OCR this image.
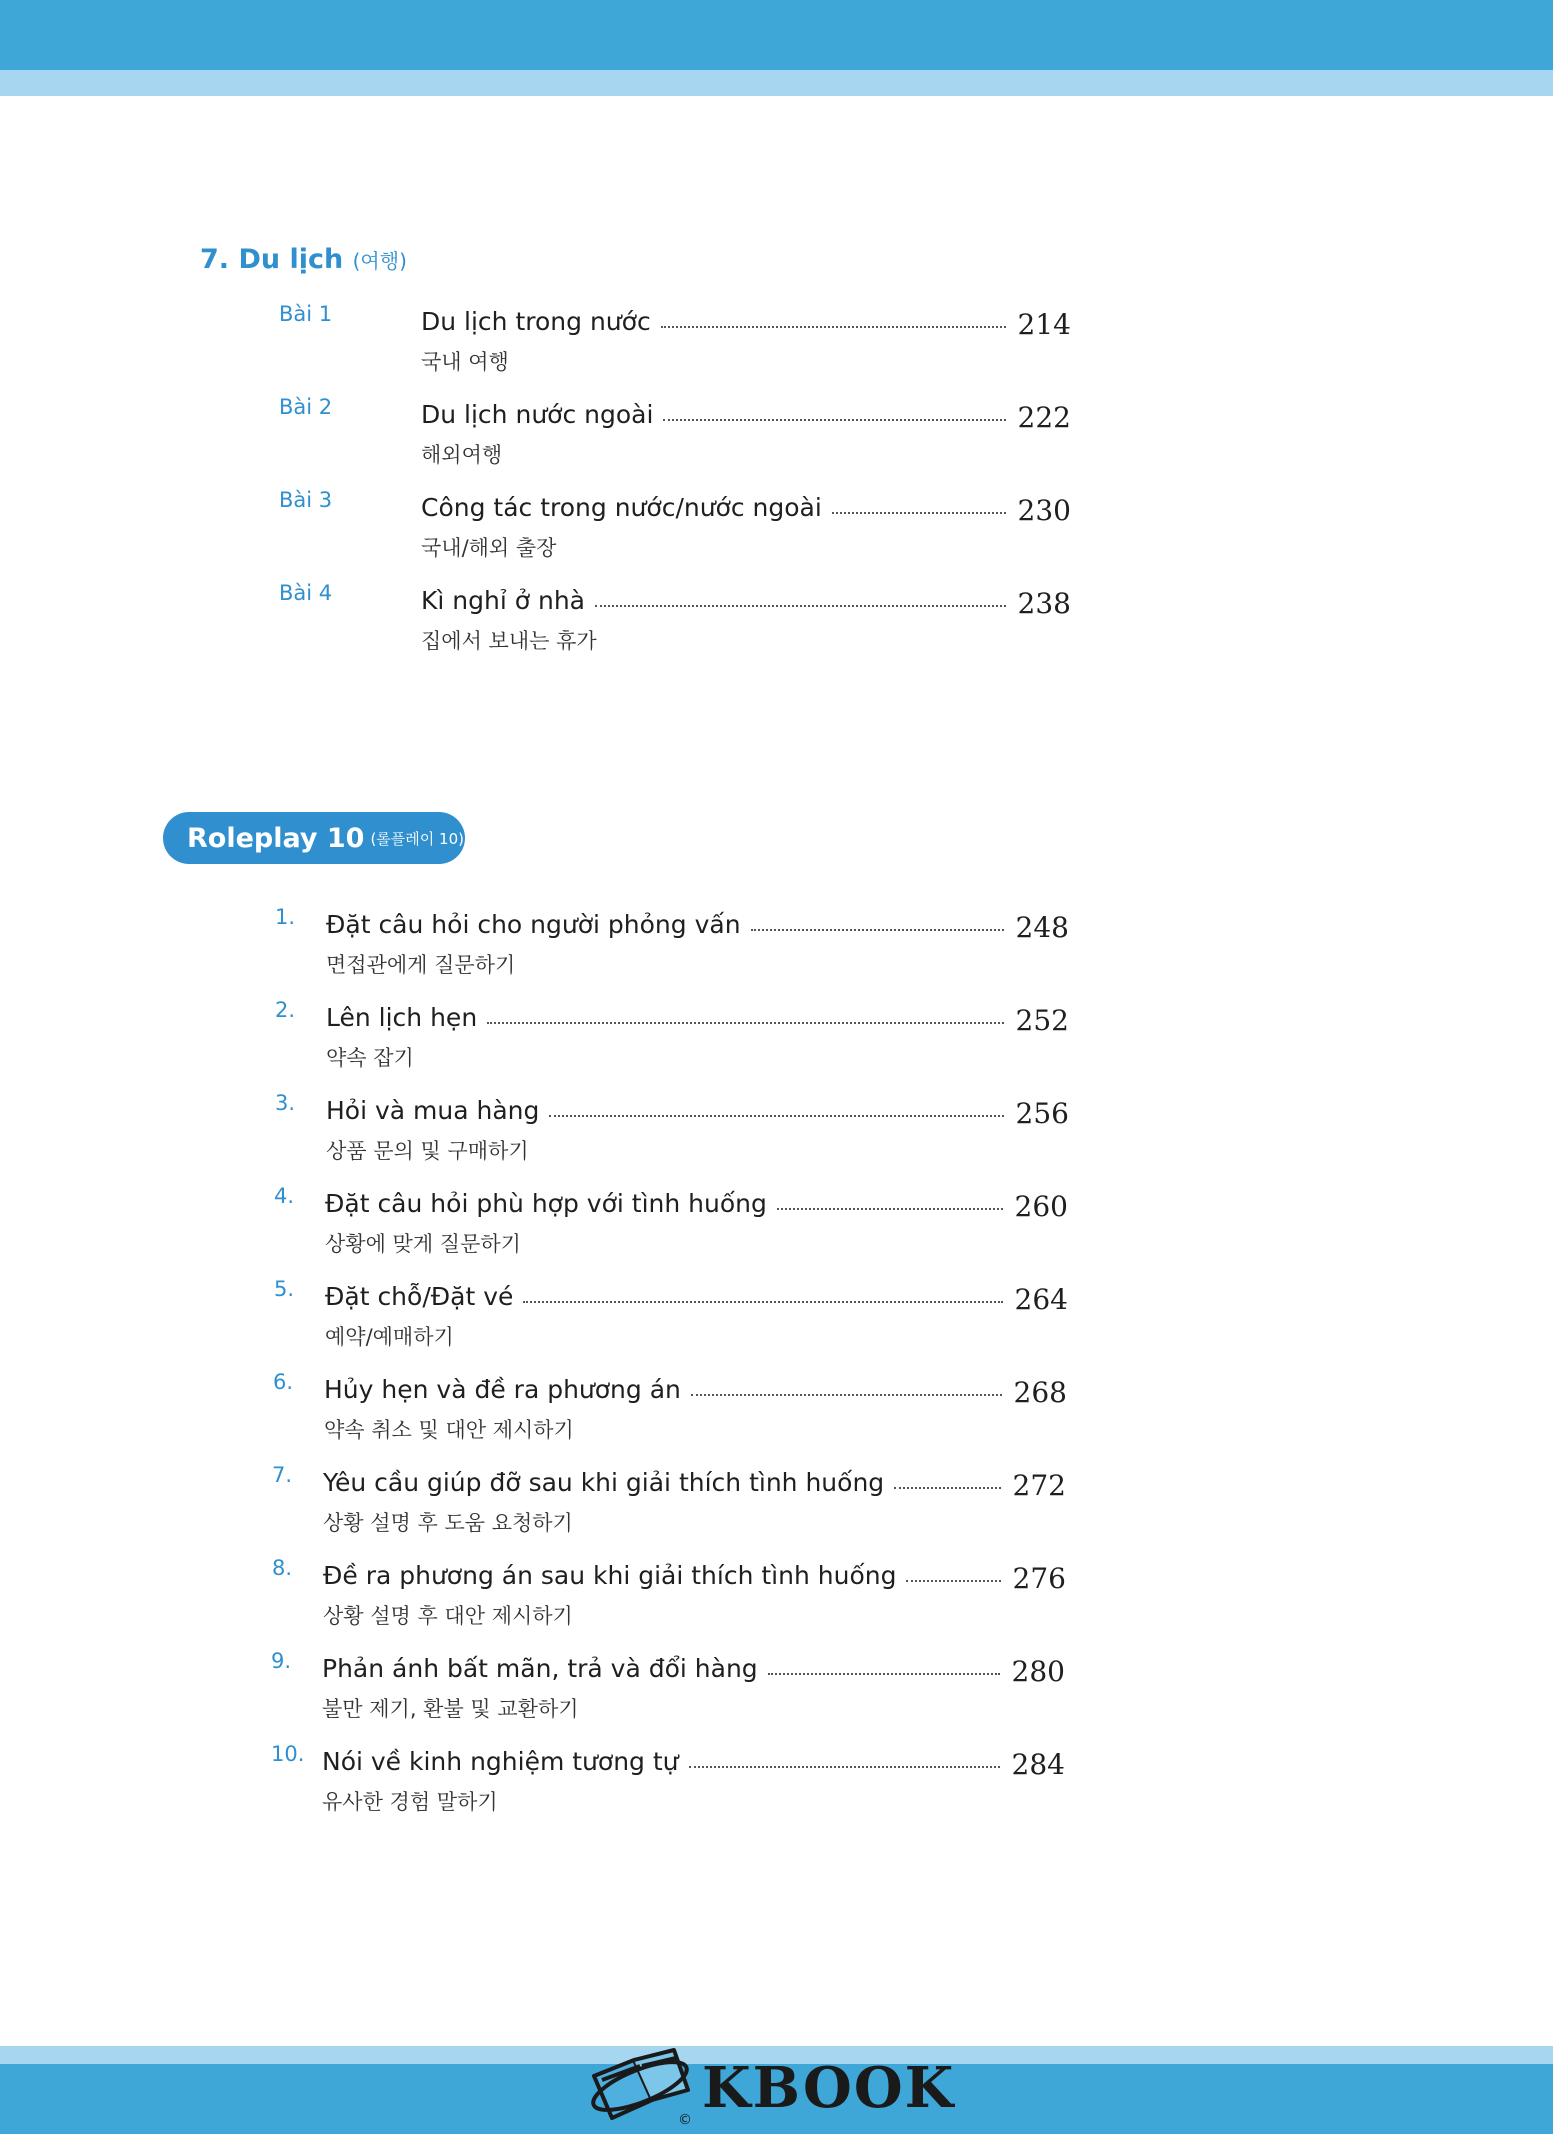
7. Du lịch (여행)
Bài 1	Du lịch trong nước	214
국내 여행
Bài 2	Du lịch nước ngoài	222
해외여행
Bài 3	Công tác trong nước/nước ngoài	230
국내/해외 출장
Bài 4	Kì nghỉ ở nhà	238
집에서 보내는 휴가
Roleplay 10 (롤플레이 10)
1. Đặt câu hỏi cho người phỏng vấn	248
면접관에게 질문하기
2. Lên lịch hẹn	252
약속 잡기
3. Hỏi và mua hàng	256
상품 문의 및 구매하기
4. Đặt câu hỏi phù hợp với tình huống	260
상황에 맞게 질문하기
5. Đặt chỗ/Đặt vé	264
예약/예매하기
6. Hủy hẹn và đề ra phương án	268
약속 취소 및 대안 제시하기
7. Yêu cầu giúp đỡ sau khi giải thích tình huống	272
상황 설명 후 도움 요청하기
8. Đề ra phương án sau khi giải thích tình huống	276
상황 설명 후 대안 제시하기
9. Phản ánh bất mãn, trả và đổi hàng	280
불만 제기, 환불 및 교환하기
10. Nói về kinh nghiệm tương tự	284
유사한 경험 말하기
KBOOK
©
